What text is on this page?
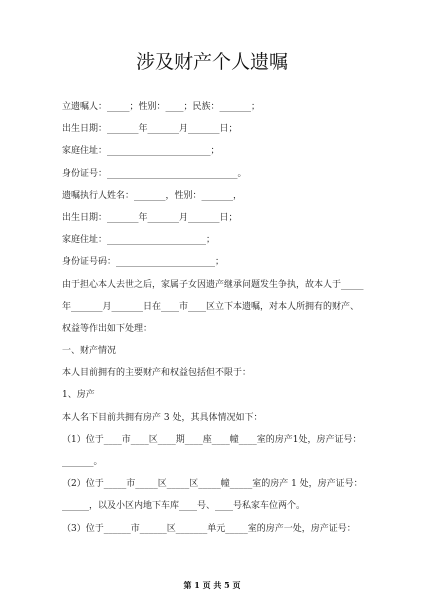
涉及财产个人遗嘱
立遗嘱人：_____；性别：____；民族：_______；
出生日期：_______年_______月_______日；
家庭住址：_______________________；
身份证号：_____________________________。
遗嘱执行人姓名：_______，性别：_______，
出生日期：_______年_______月_______日；
家庭住址：______________________；
身份证号码：______________________；
由于担心本人去世之后，家属子女因遗产继承问题发生争执，故本人于_____
年_______月_______日在____市____区立下本遗嘱，对本人所拥有的财产、
权益等作出如下处理：
一、财产情况
本人目前拥有的主要财产和权益包括但不限于：
1、房产
本人名下目前共拥有房产 3 处，其具体情况如下：
（1）位于____市____区____期____座____幢____室的房产1处，房产证号：
_______。
（2）位于_____市_____区_____区_____幢_____室的房产 1 处，房产证号：
______，以及小区内地下车库____号、____号私家车位两个。
（3）位于______市______区_______单元_____室的房产一处，房产证号：
第 1 页 共 5 页
